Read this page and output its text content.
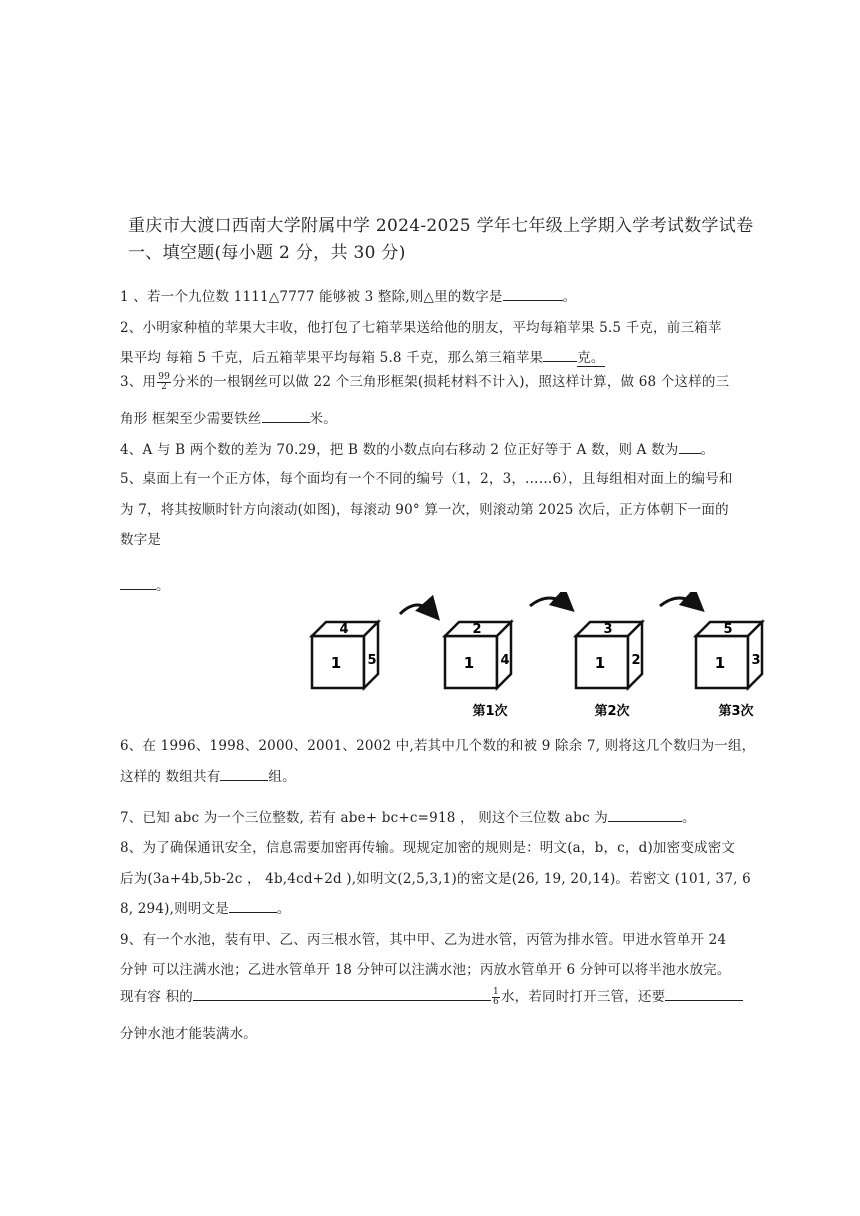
重庆市大渡口西南大学附属中学 2024-2025 学年七年级上学期入学考试数学试卷
一、填空题(每小题 2 分，共 30 分)
1 、若一个九位数 1111△7777 能够被 3 整除,则△里的数字是	。
2、小明家种植的苹果大丰收，他打包了七箱苹果送给他的朋友，平均每箱苹果 5.5 千克，前三箱苹
果平均 每箱 5 千克，后五箱苹果平均每箱 5.8 千克，那么第三箱苹果	克。
3、用 $\frac{99}{2}$ 分米的一根钢丝可以做 22 个三角形框架(损耗材料不计入)，照这样计算，做 68 个这样的三
角形 框架至少需要铁丝	米。
4、A 与 B 两个数的差为 70.29，把 B 数的小数点向右移动 2 位正好等于 A 数，则 A 数为 。
5、桌面上有一个正方体，每个面均有一个不同的编号（1，2，3，……6），且每组相对面上的编号和
为 7，将其按顺时针方向滚动(如图)，每滚动 90° 算一次，则滚动第 2025 次后，正方体朝下一面的
数字是
。
4
1 5
2
1 4
第1次
3
1 2
第2次
5
1 3
第3次
6、在 1996、1998、2000、2001、2002 中,若其中几个数的和被 9 除余 7, 则将这几个数归为一组，
这样的 数组共有	组。
7、已知 abc 为一个三位整数, 若有 abe+ bc+c=918 ， 则这个三位数 abc 为	。
8、为了确保通讯安全，信息需要加密再传输。现规定加密的规则是：明文(a，b，c，d)加密变成密文
后为(3a+4b,5b-2c ， 4b,4cd+2d ),如明文(2,5,3,1)的密文是(26, 19, 20,14)。若密文 (101, 37, 6
8, 294),则明文是	。
9、有一个水池，装有甲、乙、丙三根水管，其中甲、乙为进水管，丙管为排水管。甲进水管单开 24
分钟 可以注满水池；乙进水管单开 18 分钟可以注满水池；丙放水管单开 6 分钟可以将半池水放完。
现有容 积的	$\frac{1}{6}$ 水，若同时打开三管，还要
分钟水池才能装满水。
